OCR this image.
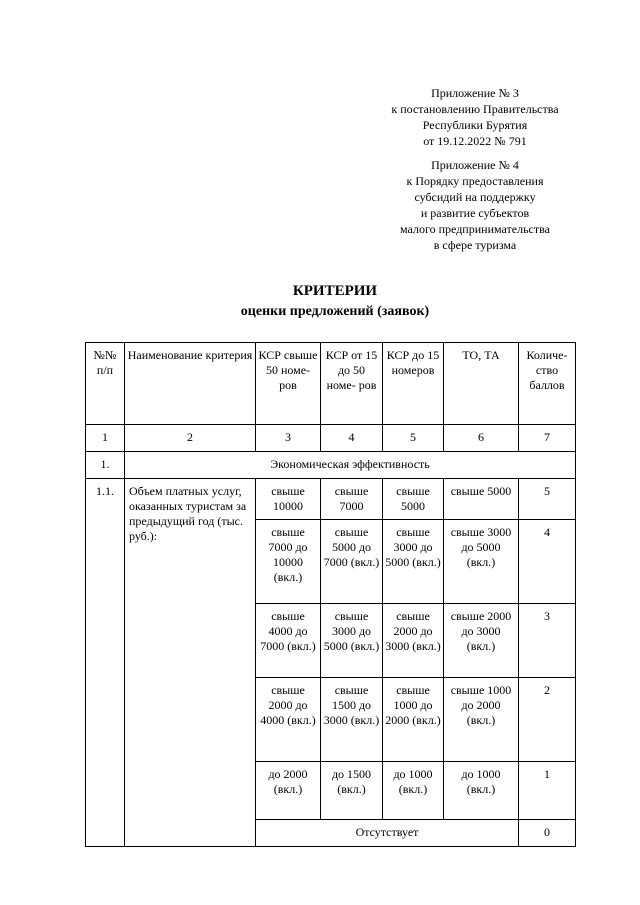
Приложение № 3
к постановлению Правительства
Республики Бурятия
от 19.12.2022 № 791
Приложение № 4
к Порядку предоставления
субсидий на поддержку
и развитие субъектов
малого предпринимательства
в сфере туризма
КРИТЕРИИ
оценки предложений (заявок)
№№ п/п	Наименование критерия	КСР свыше 50 номе- ров	КСР от 15 до 50 номе- ров	КСР до 15 номеров	ТО, ТА	Количе- ство баллов
1	2	3	4	5	6	7
1.	Экономическая эффективность					
1.1.	Объем платных услуг, оказанных туристам за предыдущий год (тыс. руб.):	свыше 10000	свыше 7000	свыше 5000	свыше 5000	5
		свыше 7000 до 10000 (вкл.)	свыше 5000 до 7000 (вкл.)	свыше 3000 до 5000 (вкл.)	свыше 3000 до 5000 (вкл.)	4
		свыше 4000 до 7000 (вкл.)	свыше 3000 до 5000 (вкл.)	свыше 2000 до 3000 (вкл.)	свыше 2000 до 3000 (вкл.)	3
		свыше 2000 до 4000 (вкл.)	свыше 1500 до 3000 (вкл.)	свыше 1000 до 2000 (вкл.)	свыше 1000 до 2000 (вкл.)	2
		до 2000 (вкл.)	до 1500 (вкл.)	до 1000 (вкл.)	до 1000 (вкл.)	1
		Отсутствует				0
